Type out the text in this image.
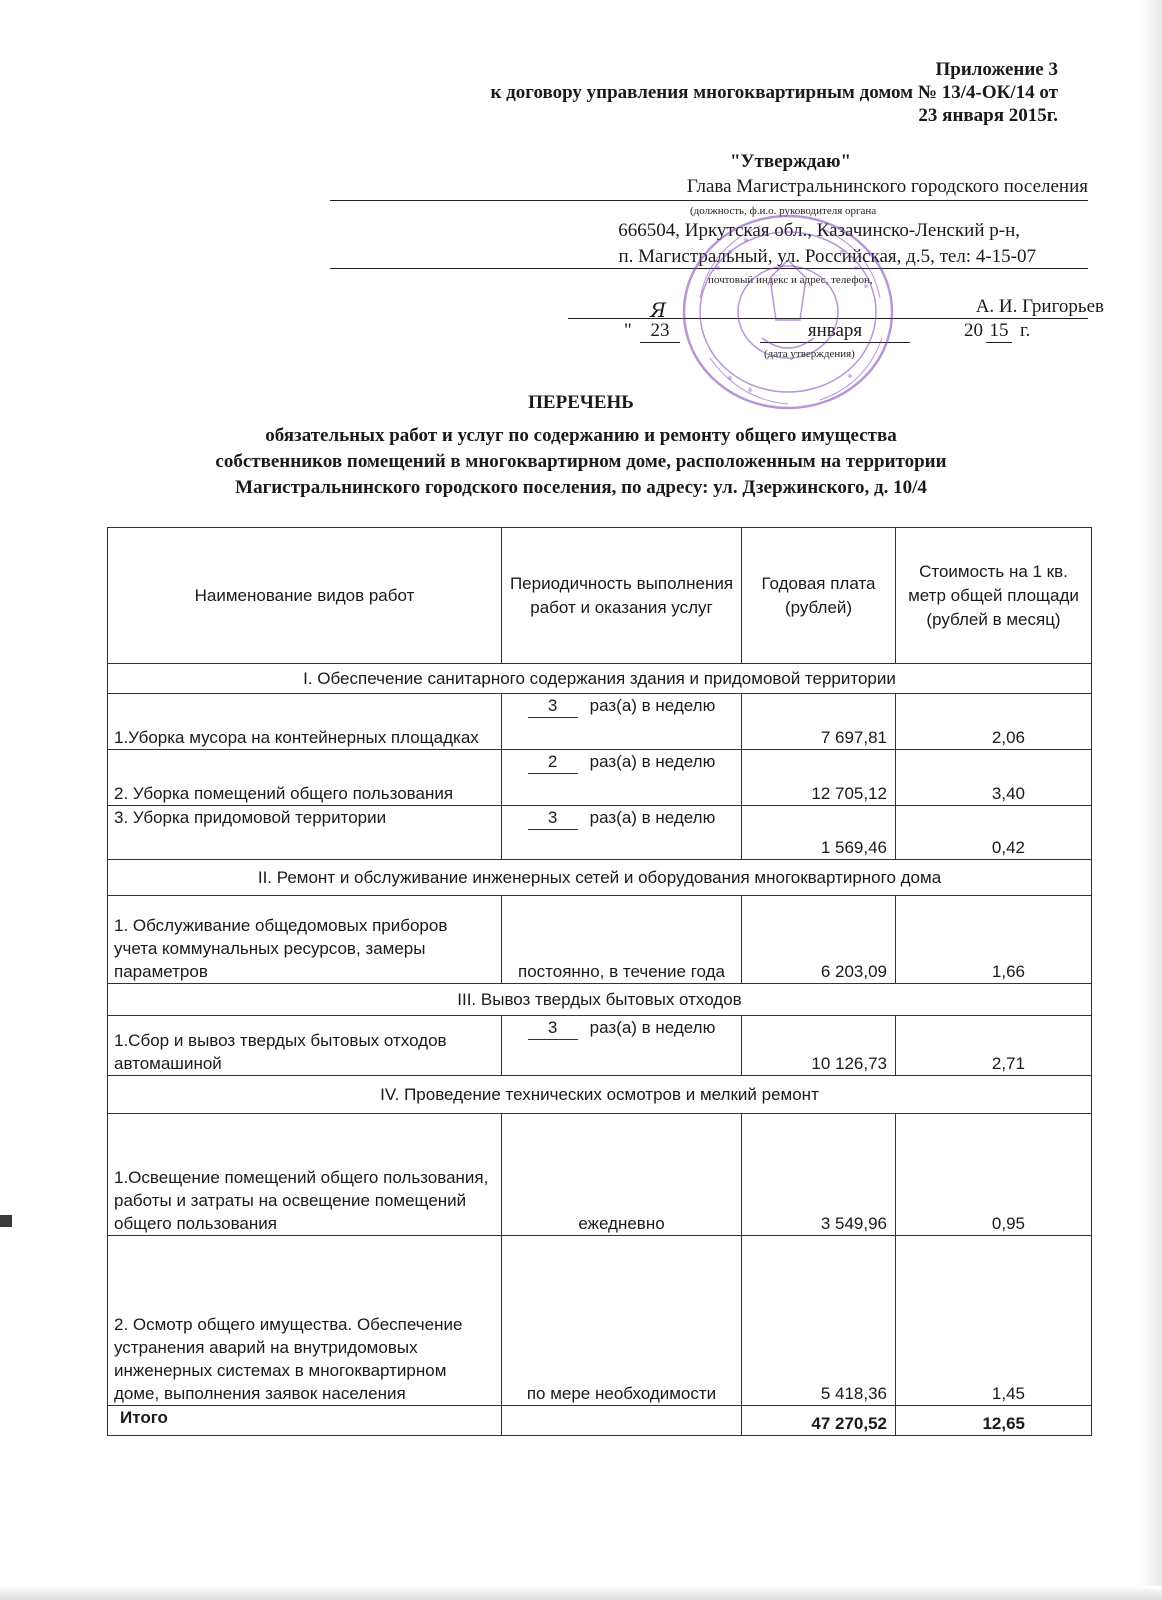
Приложение 3
к договору управления многоквартирным домом № 13/4-ОК/14 от
23 января 2015г.
"Утверждаю"
Глава Магистральнинского городского поселения
(должность, ф.и.о. руководителя органа
666504, Иркутская обл., Казачинско-Ленский р-н,
п. Магистральный, ул. Российская, д.5, тел: 4-15-07
почтовый индекс и адрес, телефон,
Я	А. И. Григорьев
" 23	января	20 15 г.
(дата утверждения)
ПЕРЕЧЕНЬ
обязательных работ и услуг по содержанию и ремонту общего имущества
собственников помещений в многоквартирном доме, расположенным на территории
Магистральнинского городского поселения, по адресу: ул. Дзержинского, д. 10/4
Наименование видов работ	Периодичность выполнения работ и оказания услуг	Годовая плата (рублей)	Стоимость на 1 кв. метр общей площади (рублей в месяц)
I. Обеспечение санитарного содержания здания и придомовой территории			
1.Уборка мусора на контейнерных площадках	3 раз(а) в неделю	7 697,81	2,06
2. Уборка помещений общего пользования	2 раз(а) в неделю	12 705,12	3,40
3. Уборка придомовой территории	3 раз(а) в неделю	1 569,46	0,42
II. Ремонт и обслуживание инженерных сетей и оборудования многоквартирного дома			
1. Обслуживание общедомовых приборов учета коммунальных ресурсов, замеры параметров	постоянно, в течение года	6 203,09	1,66
III. Вывоз твердых бытовых отходов			
1.Сбор и вывоз твердых бытовых отходов автомашиной	3 раз(а) в неделю	10 126,73	2,71
IV. Проведение технических осмотров и мелкий ремонт			
1.Освещение помещений общего пользования, работы и затраты на освещение помещений общего пользования	ежедневно	3 549,96	0,95
2. Осмотр общего имущества. Обеспечение устранения аварий на внутридомовых инженерных системах в многоквартирном доме, выполнения заявок населения	по мере необходимости	5 418,36	1,45
Итого		47 270,52	12,65
